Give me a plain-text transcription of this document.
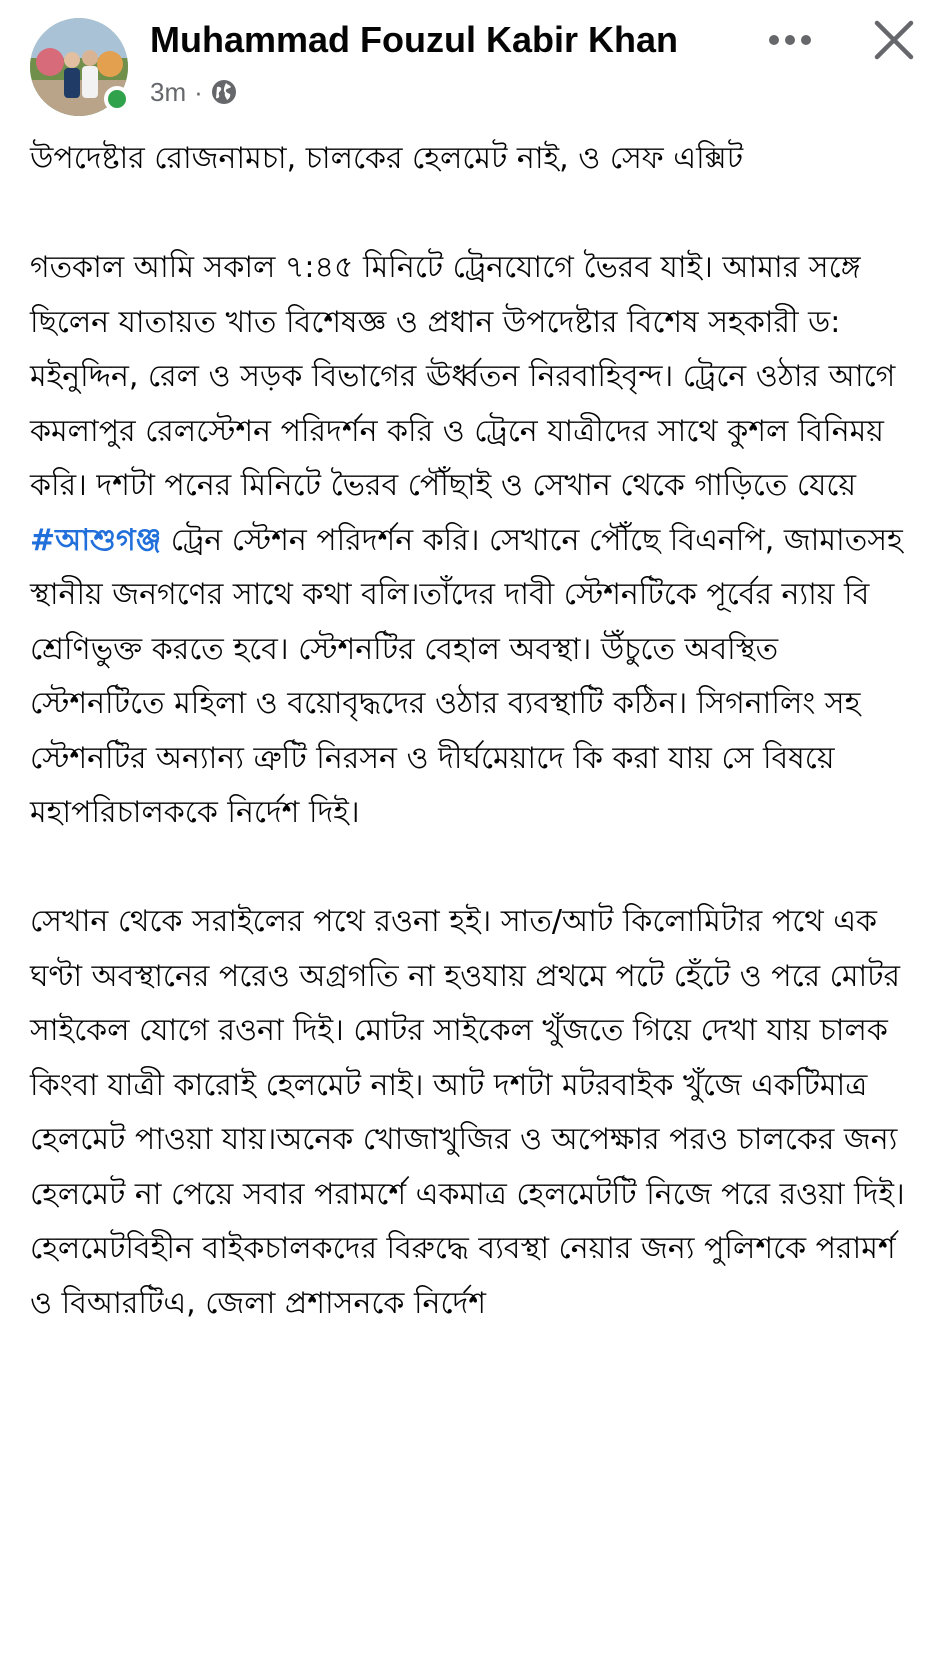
Muhammad Fouzul Kabir Khan
3m ·

উপদেষ্টার রোজনামচা, চালকের হেলমেট নাই, ও সেফ এক্সিট

গতকাল আমি সকাল ৭:৪৫ মিনিটে ট্রেনযোগে ভৈরব যাই। আমার সঙ্গে ছিলেন যাতায়ত খাত বিশেষজ্ঞ ও প্রধান উপদেষ্টার বিশেষ সহকারী ড: মইনুদ্দিন, রেল ও সড়ক বিভাগের ঊর্ধ্বতন নিরবাহিবৃন্দ। ট্রেনে ওঠার আগে কমলাপুর রেলস্টেশন পরিদর্শন করি ও ট্রেনে যাত্রীদের সাথে কুশল বিনিময় করি। দশটা পনের মিনিটে ভৈরব পৌঁছাই ও সেখান থেকে গাড়িতে যেয়ে #আশুগঞ্জ ট্রেন স্টেশন পরিদর্শন করি। সেখানে পৌঁছে বিএনপি, জামাতসহ স্থানীয় জনগণের সাথে কথা বলি।তাঁদের দাবী স্টেশনটিকে পূর্বের ন্যায় বি শ্রেণিভুক্ত করতে হবে। স্টেশনটির বেহাল অবস্থা। উঁচুতে অবস্থিত স্টেশনটিতে মহিলা ও বয়োবৃদ্ধদের ওঠার ব্যবস্থাটি কঠিন। সিগনালিং সহ স্টেশনটির অন্যান্য ত্রুটি নিরসন ও দীর্ঘমেয়াদে কি করা যায় সে বিষয়ে মহাপরিচালককে নির্দেশ দিই।

সেখান থেকে সরাইলের পথে রওনা হই। সাত/আট কিলোমিটার পথে এক ঘণ্টা অবস্থানের পরেও অগ্রগতি না হওযায় প্রথমে পটে হেঁটে ও পরে মোটর সাইকেল যোগে রওনা দিই। মোটর সাইকেল খুঁজতে গিয়ে দেখা যায় চালক কিংবা যাত্রী কারোই হেলমেট নাই। আট দশটা মটরবাইক খুঁজে একটিমাত্র হেলমেট পাওয়া যায়।অনেক খোজাখুজির ও অপেক্ষার পরও চালকের জন্য হেলমেট না পেয়ে সবার পরামর্শে একমাত্র হেলমেটটি নিজে পরে রওয়া দিই। হেলমেটবিহীন বাইকচালকদের বিরুদ্ধে ব্যবস্থা নেয়ার জন্য পুলিশকে পরামর্শ ও বিআরটিএ, জেলা প্রশাসনকে নির্দেশ
